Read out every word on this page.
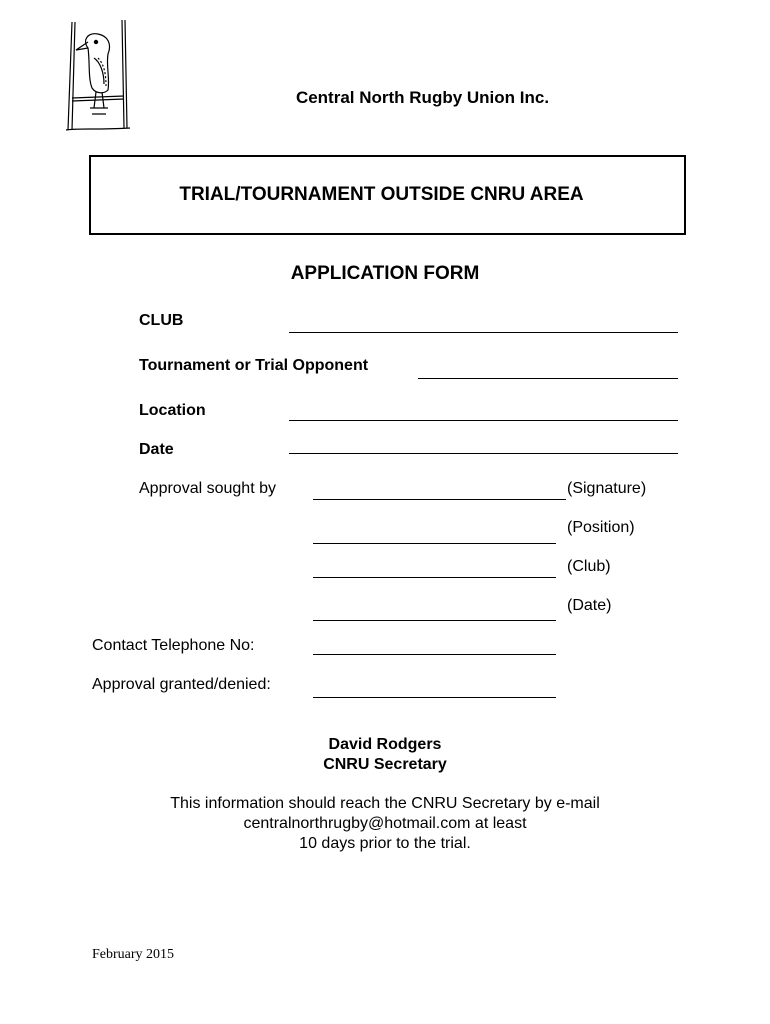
Central North Rugby Union Inc.
TRIAL/TOURNAMENT OUTSIDE CNRU AREA
APPLICATION FORM
CLUB
Tournament or Trial Opponent
Location
Date
Approval sought by	(Signature)
(Position)
(Club)
(Date)
Contact Telephone No:
Approval granted/denied:
David Rodgers
CNRU Secretary
This information should reach the CNRU Secretary by e-mail
centralnorthrugby@hotmail.com at least
10 days prior to the trial.
February 2015
